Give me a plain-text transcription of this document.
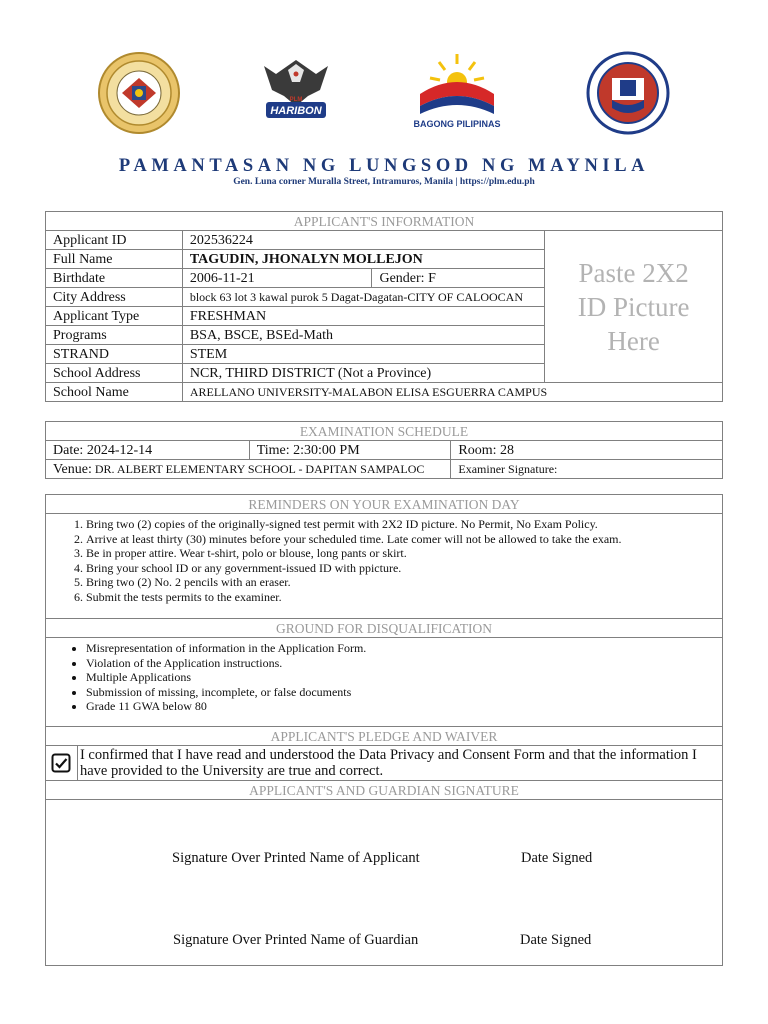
HARIBON
PLM
BAGONG PILIPINAS
PAMANTASAN NG LUNGSOD NG MAYNILA
Gen. Luna corner Muralla Street, Intramuros, Manila | https://plm.edu.ph
APPLICANT'S INFORMATION			
Applicant ID	202536224		Paste 2X2
ID Picture
Here

Full Name	TAGUDIN, JHONALYN MOLLEJON		
Birthdate	2006-11-21	Gender: F	
City Address	block 63 lot 3 kawal purok 5 Dagat-Dagatan-CITY OF CALOOCAN		
Applicant Type	FRESHMAN		
Programs	BSA, BSCE, BSEd-Math		
STRAND	STEM		
School Address	NCR, THIRD DISTRICT (Not a Province)		
School Name	ARELLANO UNIVERSITY-MALABON ELISA ESGUERRA CAMPUS		
EXAMINATION SCHEDULE		
Date: 2024-12-14	Time: 2:30:00 PM	Room: 28
Venue: DR. ALBERT ELEMENTARY SCHOOL - DAPITAN SAMPALOC		Examiner Signature:
REMINDERS ON YOUR EXAMINATION DAY

1. Bring two (2) copies of the originally-signed test permit with 2X2 ID picture. No Permit, No Exam Policy.
2. Arrive at least thirty (30) minutes before your scheduled time. Late comer will not be allowed to take the exam.
3. Be in proper attire. Wear t-shirt, polo or blouse, long pants or skirt.
4. Bring your school ID or any government-issued ID with ppicture.
5. Bring two (2) No. 2 pencils with an eraser.
6. Submit the tests permits to the examiner.

GROUND FOR DISQUALIFICATION

• Misrepresentation of information in the Application Form.
• Violation of the Application instructions.
• Multiple Applications
• Submission of missing, incomplete, or false documents
• Grade 11 GWA below 80

APPLICANT'S PLEDGE AND WAIVER
	I confirmed that I have read and understood the Data Privacy and Consent Form and that the information I have provided to the University are true and correct.
APPLICANT'S AND GUARDIAN SIGNATURE

Signature Over Printed Name of Applicant	Date Signed
Signature Over Printed Name of Guardian	Date Signed
